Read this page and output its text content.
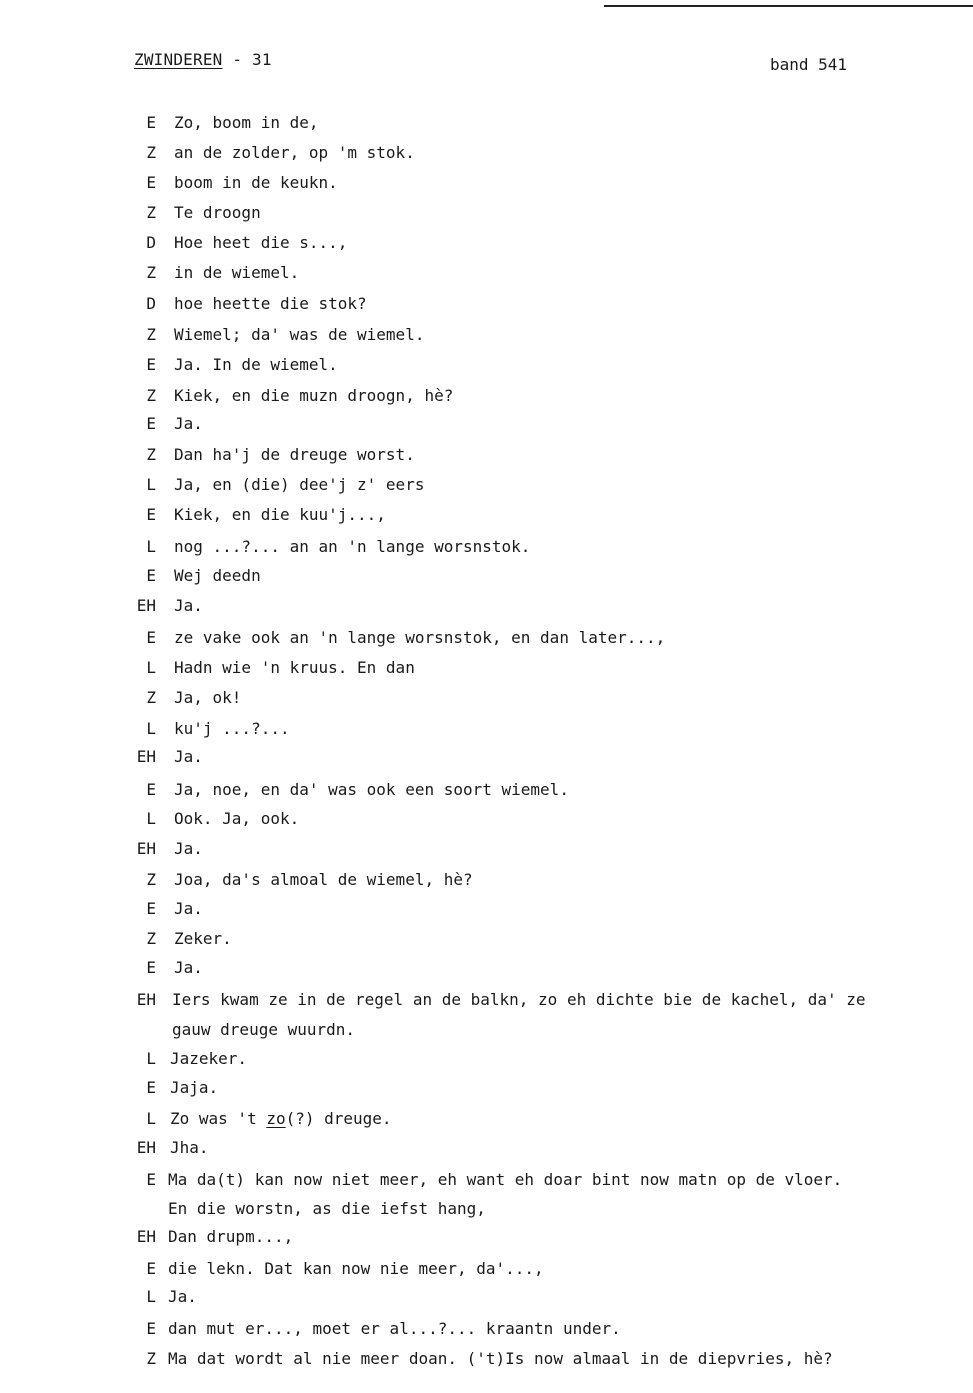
ZWINDEREN - 31	band 541
E Zo, boom in de,
Z an de zolder, op 'm stok.
E boom in de keukn.
Z Te droogn
D Hoe heet die s...,
Z in de wiemel.
D hoe heette die stok?
Z Wiemel; da' was de wiemel.
E Ja. In de wiemel.
Z Kiek, en die muzn droogn, hè?
E Ja.
Z Dan ha'j de dreuge worst.
L Ja, en (die) dee'j z' eers
E Kiek, en die kuu'j...,
L nog ...?... an an 'n lange worsnstok.
E Wej deedn
EH Ja.
E ze vake ook an 'n lange worsnstok, en dan later...,
L Hadn wie 'n kruus. En dan
Z Ja, ok!
L ku'j ...?...
EH Ja.
E Ja, noe, en da' was ook een soort wiemel.
L Ook. Ja, ook.
EH Ja.
Z Joa, da's almoal de wiemel, hè?
E Ja.
Z Zeker.
E Ja.
EH Iers kwam ze in de regel an de balkn, zo eh dichte bie de kachel, da' ze
gauw dreuge wuurdn.
L Jazeker.
E Jaja.
L Zo was 't zo(?) dreuge.
EH Jha.
E Ma da(t) kan now niet meer, eh want eh doar bint now matn op de vloer.
En die worstn, as die iefst hang,
EH Dan drupm...,
E die lekn. Dat kan now nie meer, da'...,
L Ja.
E dan mut er..., moet er al...?... kraantn under.
Z Ma dat wordt al nie meer doan. ('t)Is now almaal in de diepvries, hè?
